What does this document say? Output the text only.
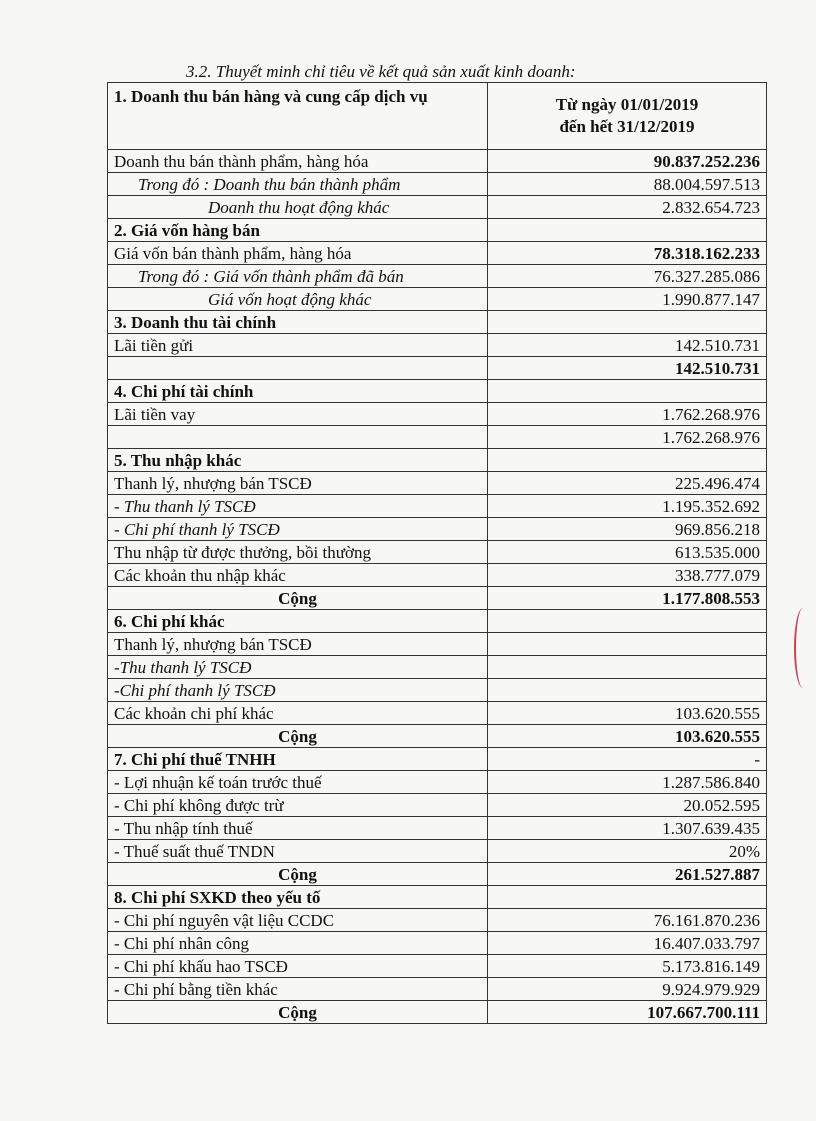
3.2. Thuyết minh chỉ tiêu về kết quả sản xuất kinh doanh:
1. Doanh thu bán hàng và cung cấp dịch vụ	Từ ngày 01/01/2019
đến hết 31/12/2019
Doanh thu bán thành phẩm, hàng hóa	90.837.252.236
Trong đó : Doanh thu bán thành phẩm	88.004.597.513
Doanh thu hoạt động khác	2.832.654.723
2. Giá vốn hàng bán	
Giá vốn bán thành phẩm, hàng hóa	78.318.162.233
Trong đó : Giá vốn thành phẩm đã bán	76.327.285.086
Giá vốn hoạt động khác	1.990.877.147
3. Doanh thu tài chính	
Lãi tiền gửi	142.510.731
	142.510.731
4. Chi phí tài chính	
Lãi tiền vay	1.762.268.976
	1.762.268.976
5. Thu nhập khác	
Thanh lý, nhượng bán TSCĐ	225.496.474
- Thu thanh lý TSCĐ	1.195.352.692
- Chi phí thanh lý TSCĐ	969.856.218
Thu nhập từ được thưởng, bồi thường	613.535.000
Các khoản thu nhập khác	338.777.079
Cộng	1.177.808.553
6. Chi phí khác	
Thanh lý, nhượng bán TSCĐ	
-Thu thanh lý TSCĐ	
-Chi phí thanh lý TSCĐ	
Các khoản chi phí khác	103.620.555
Cộng	103.620.555
7. Chi phí thuế TNHH	-
- Lợi nhuận kế toán trước thuế	1.287.586.840
- Chi phí không được trừ	20.052.595
- Thu nhập tính thuế	1.307.639.435
- Thuế suất thuế TNDN	20%
Cộng	261.527.887
8. Chi phí SXKD theo yếu tố	
- Chi phí nguyên vật liệu CCDC	76.161.870.236
- Chi phí nhân công	16.407.033.797
- Chi phí khấu hao TSCĐ	5.173.816.149
- Chi phí bằng tiền khác	9.924.979.929
Cộng	107.667.700.111
